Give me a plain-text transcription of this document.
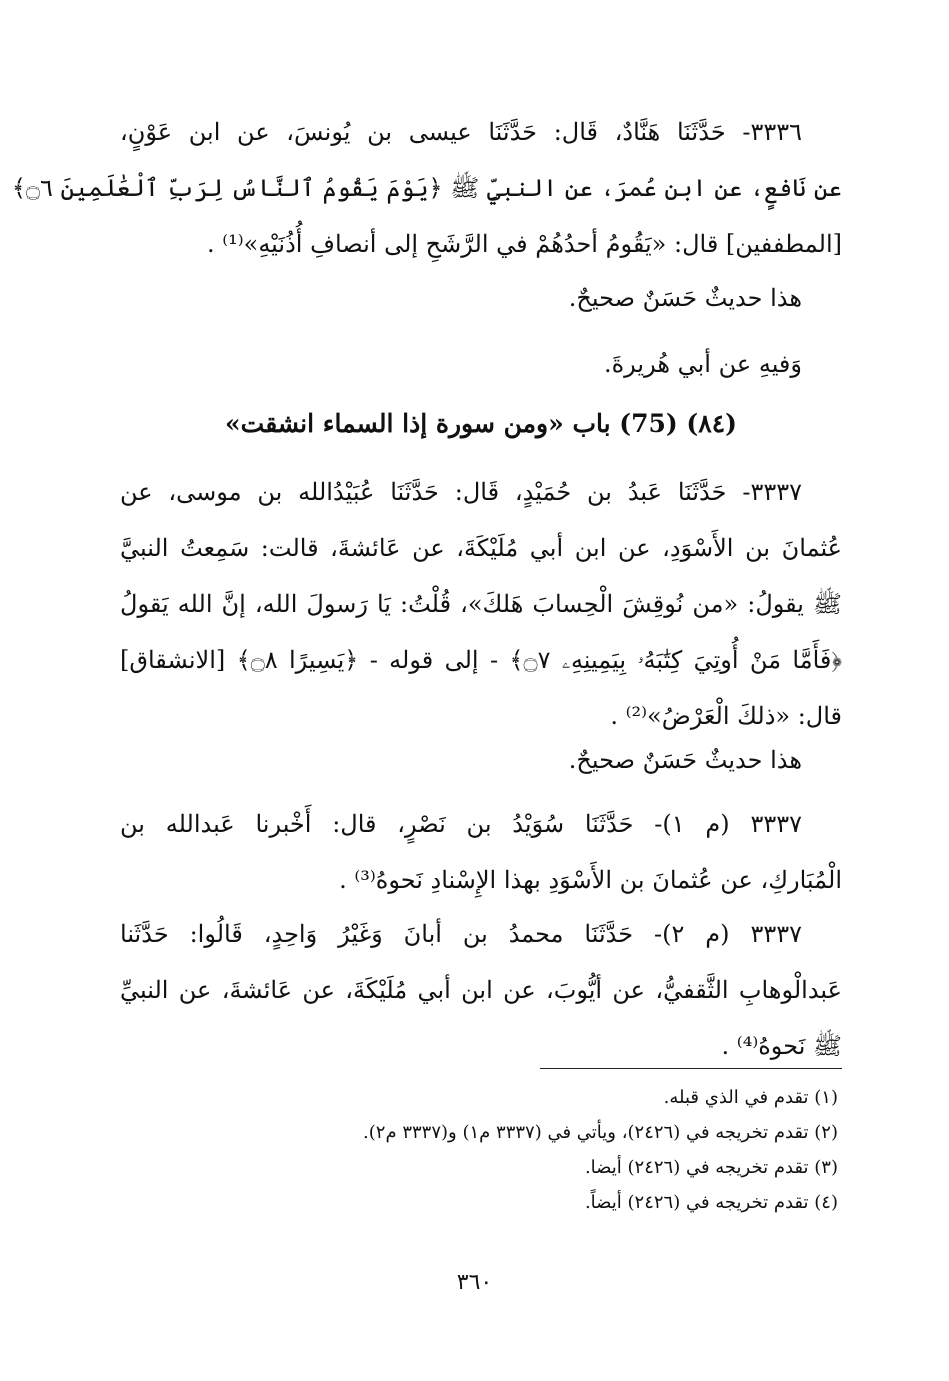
٣٣٣٦- حَدَّثَنَا هَنَّادٌ، قَال: حَدَّثَنَا عيسى بن يُونسَ، عن ابن عَوْنٍ،
عن نَافعٍ، عن ابن عُمرَ، عن النبيِّ ﷺ ﴿يَوْمَ يَقُومُ ٱلنَّاسُ لِرَبِّ ٱلْعَٰلَمِينَ ۝٦﴾
[المطففين] قال: «يَقُومُ أحدُهُمْ في الرَّشَحِ إلى أنصافِ أُذُنَيْهِ»⁽¹⁾ .
هذا حديثٌ حَسَنٌ صحيحٌ.
وَفيهِ عن أبي هُريرةَ.
(٨٤) (75) باب «ومن سورة إذا السماء انشقت»
٣٣٣٧- حَدَّثَنَا عَبدُ بن حُمَيْدٍ، قَال: حَدَّثَنَا عُبَيْدُالله بن موسى، عن
عُثمانَ بن الأَسْوَدِ، عن ابن أبي مُلَيْكَةَ، عن عَائشةَ، قالت: سَمِعتُ النبيَّ
ﷺ يقولُ: «من نُوقِشَ الْحِسابَ هَلكَ»، قُلْتُ: يَا رَسولَ الله، إنَّ الله يَقولُ
﴿فَأَمَّا مَنْ أُوتِيَ كِتَٰبَهُۥ بِيَمِينِهِۦ ۝٧﴾ - إلى قوله - ﴿يَسِيرًا ۝٨﴾ [الانشقاق]
قال: «ذلكَ الْعَرْضُ»⁽²⁾ .
هذا حديثٌ حَسَنٌ صحيحٌ.
٣٣٣٧ (م ١)- حَدَّثَنَا سُوَيْدُ بن نَصْرٍ، قال: أَخْبرنا عَبدالله بن
الْمُبَاركِ، عن عُثمانَ بن الأَسْوَدِ بهذا الإِسْنادِ نَحوهُ⁽³⁾ .
٣٣٣٧ (م ٢)- حَدَّثَنَا محمدُ بن أبانَ وَغَيْرُ وَاحِدٍ، قَالُوا: حَدَّثَنا
عَبدالْوهابِ الثَّقفيُّ، عن أيُّوبَ، عن ابن أبي مُلَيْكَةَ، عن عَائشةَ، عن النبيِّ
ﷺ نَحوهُ⁽⁴⁾ .
(١) تقدم في الذي قبله.
(٢) تقدم تخريجه في (٢٤٢٦)، ويأتي في (٣٣٣٧ م١) و(٣٣٣٧ م٢).
(٣) تقدم تخريجه في (٢٤٢٦) أيضا.
(٤) تقدم تخريجه في (٢٤٢٦) أيضاً.
٣٦٠
